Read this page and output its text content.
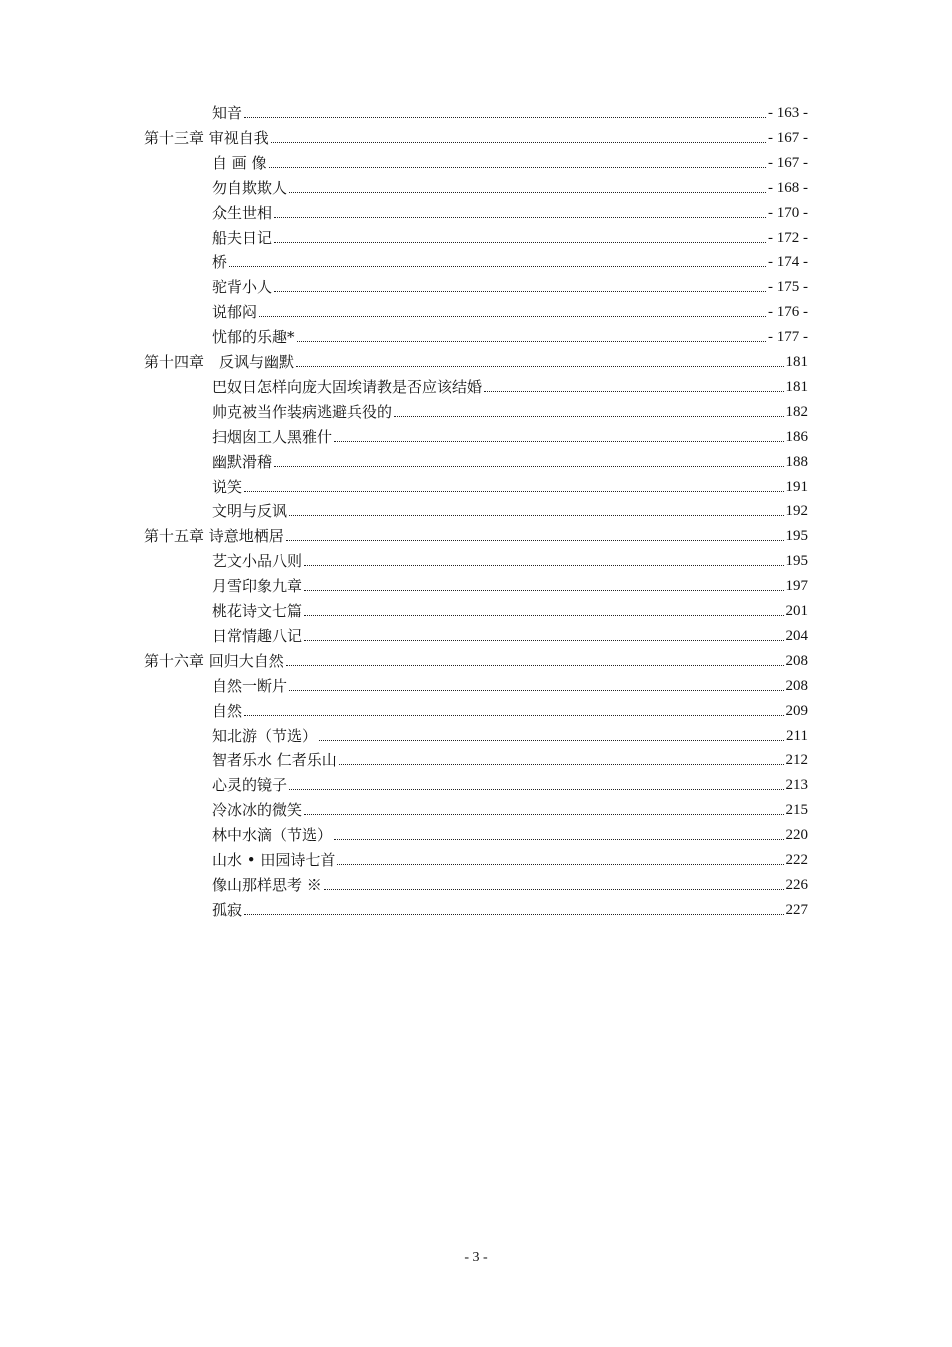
知音	- 163 -
第十三章 审视自我	- 167 -
自 画 像	- 167 -
勿自欺欺人	- 168 -
众生世相	- 170 -
船夫日记	- 172 -
桥	- 174 -
驼背小人	- 175 -
说郁闷	- 176 -
忧郁的乐趣*	- 177 -
第十四章　反讽与幽默	181
巴奴日怎样向庞大固埃请教是否应该结婚	181
帅克被当作装病逃避兵役的	182
扫烟囱工人黑雅什	186
幽默滑稽	188
说笑	191
文明与反讽	192
第十五章 诗意地栖居	195
艺文小品八则	195
月雪印象九章	197
桃花诗文七篇	201
日常情趣八记	204
第十六章 回归大自然	208
自然一断片	208
自然	209
知北游（节选）	211
智者乐水 仁者乐山	212
心灵的镜子	213
冷冰冰的微笑	215
林中水滴（节选）	220
山水 • 田园诗七首	222
像山那样思考 ※	226
孤寂	227
- 3 -
